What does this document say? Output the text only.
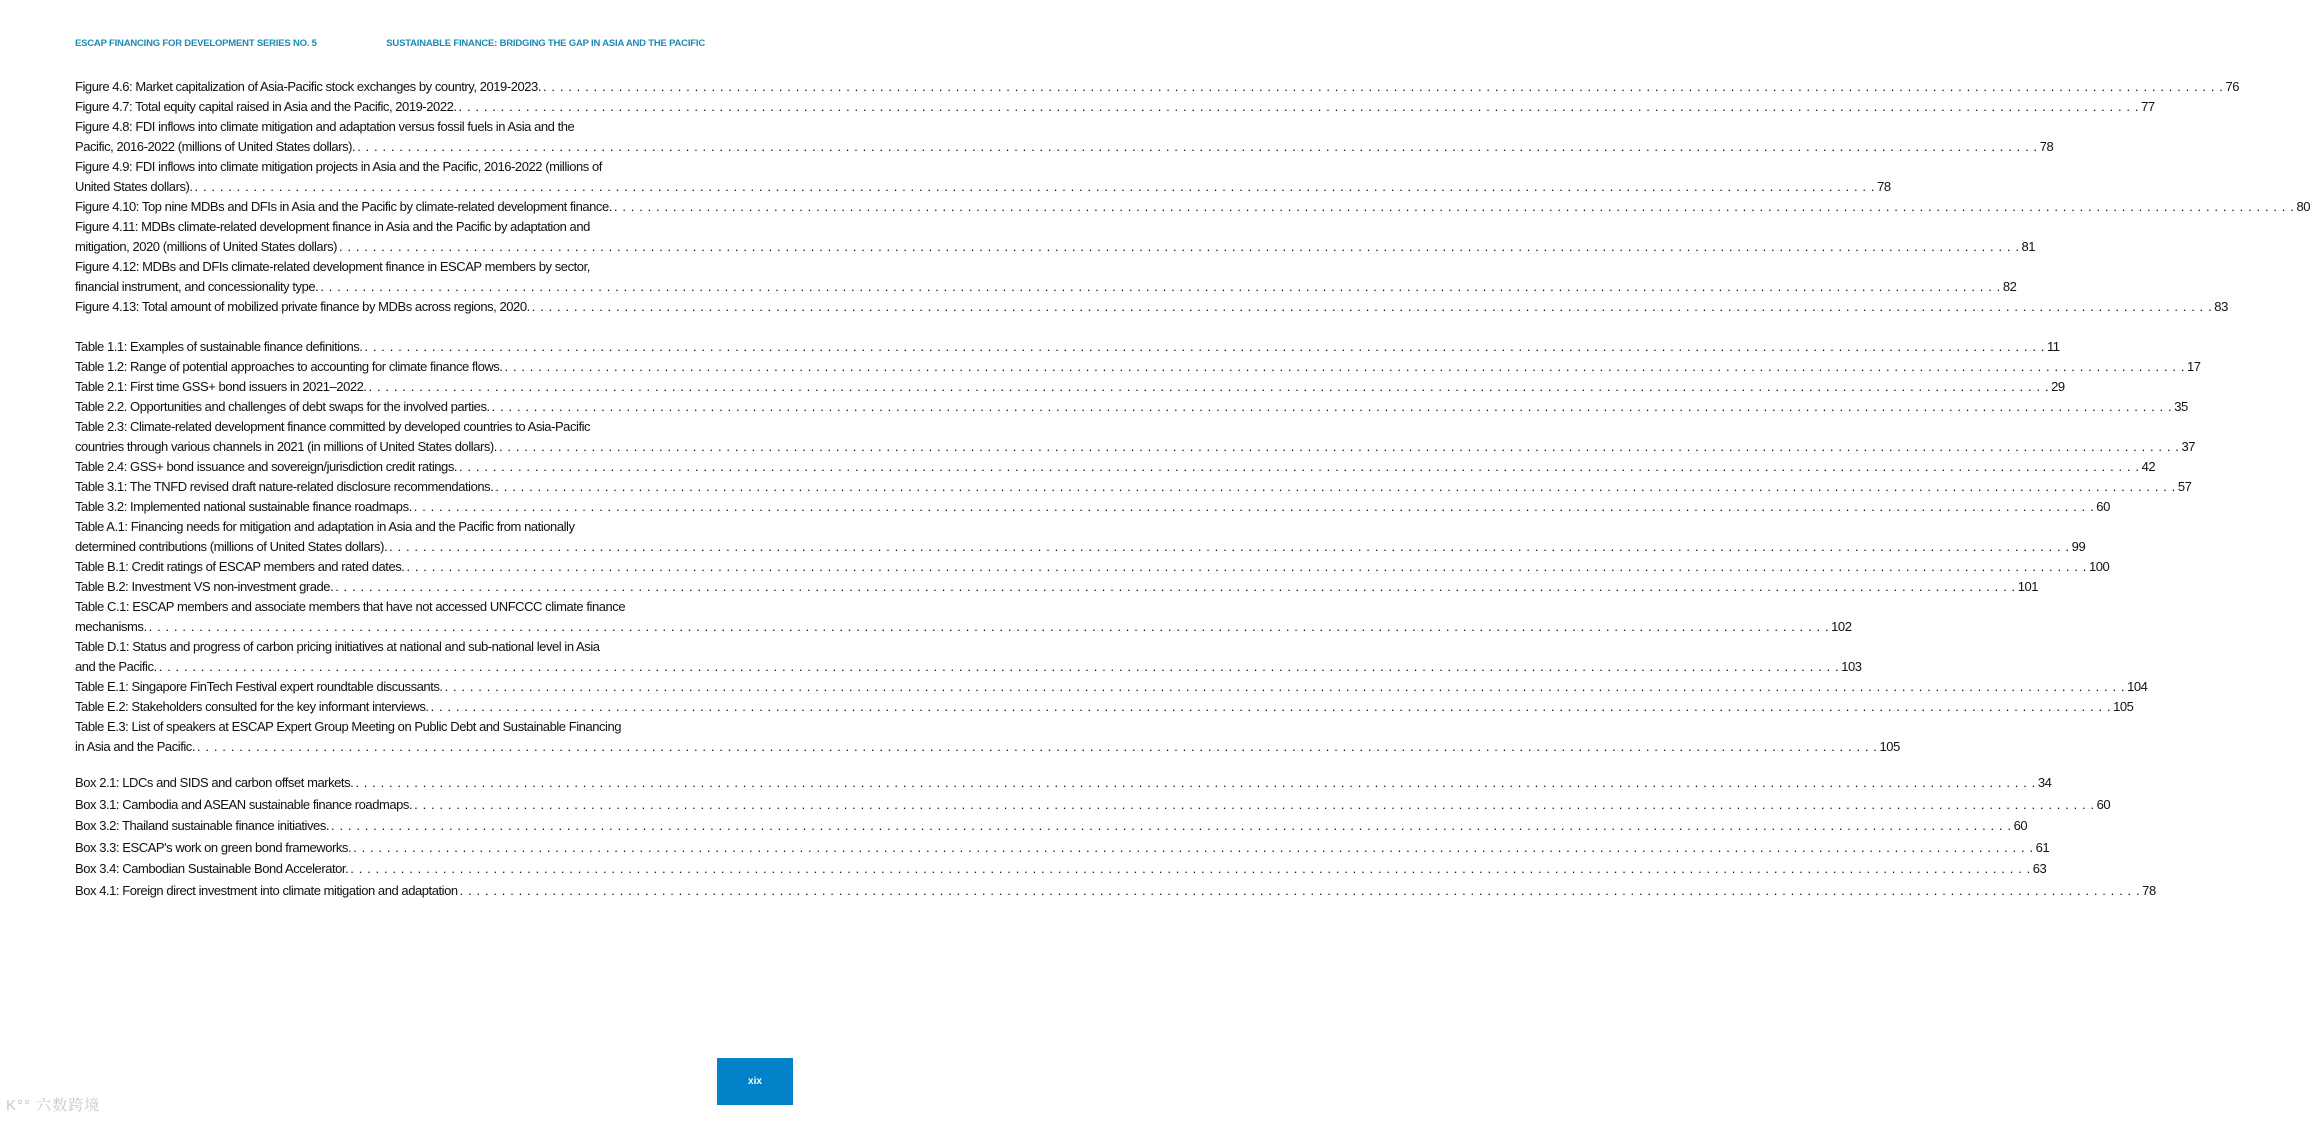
ESCAP FINANCING FOR DEVELOPMENT SERIES NO. 5	SUSTAINABLE FINANCE: BRIDGING THE GAP IN ASIA AND THE PACIFIC
Figure 4.6: Market capitalization of Asia-Pacific stock exchanges by country, 2019-2023. . . . . . . . . . . . . . . . . . . . . . . . . . . . . . . . . . . . . . . . . . . . . . . . . . . . . . . . . . . . . . . . . . . . . . . . . . . . . . . . . . . . . . . . . . . . . . . . . . . . . . . . . . . . . . . . . . . . . . . . . . . . . . . . . . . . . . . . . . . . . . . . . . . . . . . . . . . . . . . . . . . . . . . . . . . . . . . . . . . . . . . . . . . . . . . . . . . . . . . . . 76
Figure 4.7: Total equity capital raised in Asia and the Pacific, 2019-2022. . . . . . . . . . . . . . . . . . . . . . . . . . . . . . . . . . . . . . . . . . . . . . . . . . . . . . . . . . . . . . . . . . . . . . . . . . . . . . . . . . . . . . . . . . . . . . . . . . . . . . . . . . . . . . . . . . . . . . . . . . . . . . . . . . . . . . . . . . . . . . . . . . . . . . . . . . . . . . . . . . . . . . . . . . . . . . . . . . . . . . . . . . . . . . . . . . . . . . . . . 77
Figure 4.8: FDI inflows into climate mitigation and adaptation versus fossil fuels in Asia and the
Pacific, 2016-2022 (millions of United States dollars). . . . . . . . . . . . . . . . . . . . . . . . . . . . . . . . . . . . . . . . . . . . . . . . . . . . . . . . . . . . . . . . . . . . . . . . . . . . . . . . . . . . . . . . . . . . . . . . . . . . . . . . . . . . . . . . . . . . . . . . . . . . . . . . . . . . . . . . . . . . . . . . . . . . . . . . . . . . . . . . . . . . . . . . . . . . . . . . . . . . . . . . . . . . . . . . . . . . . . . . . 78
Figure 4.9: FDI inflows into climate mitigation projects in Asia and the Pacific, 2016-2022 (millions of
United States dollars). . . . . . . . . . . . . . . . . . . . . . . . . . . . . . . . . . . . . . . . . . . . . . . . . . . . . . . . . . . . . . . . . . . . . . . . . . . . . . . . . . . . . . . . . . . . . . . . . . . . . . . . . . . . . . . . . . . . . . . . . . . . . . . . . . . . . . . . . . . . . . . . . . . . . . . . . . . . . . . . . . . . . . . . . . . . . . . . . . . . . . . . . . . . . . . . . . . . . . . . . 78
Figure 4.10: Top nine MDBs and DFIs in Asia and the Pacific by climate-related development finance. . . . . . . . . . . . . . . . . . . . . . . . . . . . . . . . . . . . . . . . . . . . . . . . . . . . . . . . . . . . . . . . . . . . . . . . . . . . . . . . . . . . . . . . . . . . . . . . . . . . . . . . . . . . . . . . . . . . . . . . . . . . . . . . . . . . . . . . . . . . . . . . . . . . . . . . . . . . . . . . . . . . . . . . . . . . . . . . . . . . . . . . . . . . . . . . . . . . . . . . . 80
Figure 4.11: MDBs climate-related development finance in Asia and the Pacific by adaptation and
mitigation, 2020 (millions of United States dollars) . . . . . . . . . . . . . . . . . . . . . . . . . . . . . . . . . . . . . . . . . . . . . . . . . . . . . . . . . . . . . . . . . . . . . . . . . . . . . . . . . . . . . . . . . . . . . . . . . . . . . . . . . . . . . . . . . . . . . . . . . . . . . . . . . . . . . . . . . . . . . . . . . . . . . . . . . . . . . . . . . . . . . . . . . . . . . . . . . . . . . . . . . . . . . . . . . . . . . . . . 81
Figure 4.12: MDBs and DFIs climate-related development finance in ESCAP members by sector,
financial instrument, and concessionality type. . . . . . . . . . . . . . . . . . . . . . . . . . . . . . . . . . . . . . . . . . . . . . . . . . . . . . . . . . . . . . . . . . . . . . . . . . . . . . . . . . . . . . . . . . . . . . . . . . . . . . . . . . . . . . . . . . . . . . . . . . . . . . . . . . . . . . . . . . . . . . . . . . . . . . . . . . . . . . . . . . . . . . . . . . . . . . . . . . . . . . . . . . . . . . . . . . . . . . . . . 82
Figure 4.13: Total amount of mobilized private finance by MDBs across regions, 2020. . . . . . . . . . . . . . . . . . . . . . . . . . . . . . . . . . . . . . . . . . . . . . . . . . . . . . . . . . . . . . . . . . . . . . . . . . . . . . . . . . . . . . . . . . . . . . . . . . . . . . . . . . . . . . . . . . . . . . . . . . . . . . . . . . . . . . . . . . . . . . . . . . . . . . . . . . . . . . . . . . . . . . . . . . . . . . . . . . . . . . . . . . . . . . . . . . . . . . . . . 83
Table 1.1: Examples of sustainable finance definitions. . . . . . . . . . . . . . . . . . . . . . . . . . . . . . . . . . . . . . . . . . . . . . . . . . . . . . . . . . . . . . . . . . . . . . . . . . . . . . . . . . . . . . . . . . . . . . . . . . . . . . . . . . . . . . . . . . . . . . . . . . . . . . . . . . . . . . . . . . . . . . . . . . . . . . . . . . . . . . . . . . . . . . . . . . . . . . . . . . . . . . . . . . . . . . . . . . . . . . . . . 11
Table 1.2: Range of potential approaches to accounting for climate finance flows. . . . . . . . . . . . . . . . . . . . . . . . . . . . . . . . . . . . . . . . . . . . . . . . . . . . . . . . . . . . . . . . . . . . . . . . . . . . . . . . . . . . . . . . . . . . . . . . . . . . . . . . . . . . . . . . . . . . . . . . . . . . . . . . . . . . . . . . . . . . . . . . . . . . . . . . . . . . . . . . . . . . . . . . . . . . . . . . . . . . . . . . . . . . . . . . . . . . . . . . . 17
Table 2.1: First time GSS+ bond issuers in 2021–2022. . . . . . . . . . . . . . . . . . . . . . . . . . . . . . . . . . . . . . . . . . . . . . . . . . . . . . . . . . . . . . . . . . . . . . . . . . . . . . . . . . . . . . . . . . . . . . . . . . . . . . . . . . . . . . . . . . . . . . . . . . . . . . . . . . . . . . . . . . . . . . . . . . . . . . . . . . . . . . . . . . . . . . . . . . . . . . . . . . . . . . . . . . . . . . . . . . . . . . . . . 29
Table 2.2. Opportunities and challenges of debt swaps for the involved parties. . . . . . . . . . . . . . . . . . . . . . . . . . . . . . . . . . . . . . . . . . . . . . . . . . . . . . . . . . . . . . . . . . . . . . . . . . . . . . . . . . . . . . . . . . . . . . . . . . . . . . . . . . . . . . . . . . . . . . . . . . . . . . . . . . . . . . . . . . . . . . . . . . . . . . . . . . . . . . . . . . . . . . . . . . . . . . . . . . . . . . . . . . . . . . . . . . . . . . . . . 35
Table 2.3: Climate-related development finance committed by developed countries to Asia-Pacific
countries through various channels in 2021 (in millions of United States dollars). . . . . . . . . . . . . . . . . . . . . . . . . . . . . . . . . . . . . . . . . . . . . . . . . . . . . . . . . . . . . . . . . . . . . . . . . . . . . . . . . . . . . . . . . . . . . . . . . . . . . . . . . . . . . . . . . . . . . . . . . . . . . . . . . . . . . . . . . . . . . . . . . . . . . . . . . . . . . . . . . . . . . . . . . . . . . . . . . . . . . . . . . . . . . . . . . . . . . . . . . 37
Table 2.4: GSS+ bond issuance and sovereign/jurisdiction credit ratings. . . . . . . . . . . . . . . . . . . . . . . . . . . . . . . . . . . . . . . . . . . . . . . . . . . . . . . . . . . . . . . . . . . . . . . . . . . . . . . . . . . . . . . . . . . . . . . . . . . . . . . . . . . . . . . . . . . . . . . . . . . . . . . . . . . . . . . . . . . . . . . . . . . . . . . . . . . . . . . . . . . . . . . . . . . . . . . . . . . . . . . . . . . . . . . . . . . . . . . . . 42
Table 3.1: The TNFD revised draft nature-related disclosure recommendations. . . . . . . . . . . . . . . . . . . . . . . . . . . . . . . . . . . . . . . . . . . . . . . . . . . . . . . . . . . . . . . . . . . . . . . . . . . . . . . . . . . . . . . . . . . . . . . . . . . . . . . . . . . . . . . . . . . . . . . . . . . . . . . . . . . . . . . . . . . . . . . . . . . . . . . . . . . . . . . . . . . . . . . . . . . . . . . . . . . . . . . . . . . . . . . . . . . . . . . . . 57
Table 3.2: Implemented national sustainable finance roadmaps. . . . . . . . . . . . . . . . . . . . . . . . . . . . . . . . . . . . . . . . . . . . . . . . . . . . . . . . . . . . . . . . . . . . . . . . . . . . . . . . . . . . . . . . . . . . . . . . . . . . . . . . . . . . . . . . . . . . . . . . . . . . . . . . . . . . . . . . . . . . . . . . . . . . . . . . . . . . . . . . . . . . . . . . . . . . . . . . . . . . . . . . . . . . . . . . . . . . . . . . . 60
Table A.1: Financing needs for mitigation and adaptation in Asia and the Pacific from nationally
determined contributions (millions of United States dollars). . . . . . . . . . . . . . . . . . . . . . . . . . . . . . . . . . . . . . . . . . . . . . . . . . . . . . . . . . . . . . . . . . . . . . . . . . . . . . . . . . . . . . . . . . . . . . . . . . . . . . . . . . . . . . . . . . . . . . . . . . . . . . . . . . . . . . . . . . . . . . . . . . . . . . . . . . . . . . . . . . . . . . . . . . . . . . . . . . . . . . . . . . . . . . . . . . . . . . . . . 99
Table B.1: Credit ratings of ESCAP members and rated dates. . . . . . . . . . . . . . . . . . . . . . . . . . . . . . . . . . . . . . . . . . . . . . . . . . . . . . . . . . . . . . . . . . . . . . . . . . . . . . . . . . . . . . . . . . . . . . . . . . . . . . . . . . . . . . . . . . . . . . . . . . . . . . . . . . . . . . . . . . . . . . . . . . . . . . . . . . . . . . . . . . . . . . . . . . . . . . . . . . . . . . . . . . . . . . . . . . . . . . . . . 100
Table B.2: Investment VS non-investment grade. . . . . . . . . . . . . . . . . . . . . . . . . . . . . . . . . . . . . . . . . . . . . . . . . . . . . . . . . . . . . . . . . . . . . . . . . . . . . . . . . . . . . . . . . . . . . . . . . . . . . . . . . . . . . . . . . . . . . . . . . . . . . . . . . . . . . . . . . . . . . . . . . . . . . . . . . . . . . . . . . . . . . . . . . . . . . . . . . . . . . . . . . . . . . . . . . . . . . . . . . 101
Table C.1: ESCAP members and associate members that have not accessed UNFCCC climate finance
mechanisms. . . . . . . . . . . . . . . . . . . . . . . . . . . . . . . . . . . . . . . . . . . . . . . . . . . . . . . . . . . . . . . . . . . . . . . . . . . . . . . . . . . . . . . . . . . . . . . . . . . . . . . . . . . . . . . . . . . . . . . . . . . . . . . . . . . . . . . . . . . . . . . . . . . . . . . . . . . . . . . . . . . . . . . . . . . . . . . . . . . . . . . . . . . . . . . . . . . . . . . . . 102
Table D.1: Status and progress of carbon pricing initiatives at national and sub-national level in Asia
and the Pacific. . . . . . . . . . . . . . . . . . . . . . . . . . . . . . . . . . . . . . . . . . . . . . . . . . . . . . . . . . . . . . . . . . . . . . . . . . . . . . . . . . . . . . . . . . . . . . . . . . . . . . . . . . . . . . . . . . . . . . . . . . . . . . . . . . . . . . . . . . . . . . . . . . . . . . . . . . . . . . . . . . . . . . . . . . . . . . . . . . . . . . . . . . . . . . . . . . . . . . . . . 103
Table E.1: Singapore FinTech Festival expert roundtable discussants. . . . . . . . . . . . . . . . . . . . . . . . . . . . . . . . . . . . . . . . . . . . . . . . . . . . . . . . . . . . . . . . . . . . . . . . . . . . . . . . . . . . . . . . . . . . . . . . . . . . . . . . . . . . . . . . . . . . . . . . . . . . . . . . . . . . . . . . . . . . . . . . . . . . . . . . . . . . . . . . . . . . . . . . . . . . . . . . . . . . . . . . . . . . . . . . . . . . . . . . . 104
Table E.2: Stakeholders consulted for the key informant interviews. . . . . . . . . . . . . . . . . . . . . . . . . . . . . . . . . . . . . . . . . . . . . . . . . . . . . . . . . . . . . . . . . . . . . . . . . . . . . . . . . . . . . . . . . . . . . . . . . . . . . . . . . . . . . . . . . . . . . . . . . . . . . . . . . . . . . . . . . . . . . . . . . . . . . . . . . . . . . . . . . . . . . . . . . . . . . . . . . . . . . . . . . . . . . . . . . . . . . . . . . 105
Table E.3: List of speakers at ESCAP Expert Group Meeting on Public Debt and Sustainable Financing
in Asia and the Pacific. . . . . . . . . . . . . . . . . . . . . . . . . . . . . . . . . . . . . . . . . . . . . . . . . . . . . . . . . . . . . . . . . . . . . . . . . . . . . . . . . . . . . . . . . . . . . . . . . . . . . . . . . . . . . . . . . . . . . . . . . . . . . . . . . . . . . . . . . . . . . . . . . . . . . . . . . . . . . . . . . . . . . . . . . . . . . . . . . . . . . . . . . . . . . . . . . . . . . . . . . 105
Box 2.1: LDCs and SIDS and carbon offset markets. . . . . . . . . . . . . . . . . . . . . . . . . . . . . . . . . . . . . . . . . . . . . . . . . . . . . . . . . . . . . . . . . . . . . . . . . . . . . . . . . . . . . . . . . . . . . . . . . . . . . . . . . . . . . . . . . . . . . . . . . . . . . . . . . . . . . . . . . . . . . . . . . . . . . . . . . . . . . . . . . . . . . . . . . . . . . . . . . . . . . . . . . . . . . . . . . . . . . . . . . 34
Box 3.1: Cambodia and ASEAN sustainable finance roadmaps. . . . . . . . . . . . . . . . . . . . . . . . . . . . . . . . . . . . . . . . . . . . . . . . . . . . . . . . . . . . . . . . . . . . . . . . . . . . . . . . . . . . . . . . . . . . . . . . . . . . . . . . . . . . . . . . . . . . . . . . . . . . . . . . . . . . . . . . . . . . . . . . . . . . . . . . . . . . . . . . . . . . . . . . . . . . . . . . . . . . . . . . . . . . . . . . . . . . . . . . . 60
Box 3.2: Thailand sustainable finance initiatives. . . . . . . . . . . . . . . . . . . . . . . . . . . . . . . . . . . . . . . . . . . . . . . . . . . . . . . . . . . . . . . . . . . . . . . . . . . . . . . . . . . . . . . . . . . . . . . . . . . . . . . . . . . . . . . . . . . . . . . . . . . . . . . . . . . . . . . . . . . . . . . . . . . . . . . . . . . . . . . . . . . . . . . . . . . . . . . . . . . . . . . . . . . . . . . . . . . . . . . . . 60
Box 3.3: ESCAP's work on green bond frameworks. . . . . . . . . . . . . . . . . . . . . . . . . . . . . . . . . . . . . . . . . . . . . . . . . . . . . . . . . . . . . . . . . . . . . . . . . . . . . . . . . . . . . . . . . . . . . . . . . . . . . . . . . . . . . . . . . . . . . . . . . . . . . . . . . . . . . . . . . . . . . . . . . . . . . . . . . . . . . . . . . . . . . . . . . . . . . . . . . . . . . . . . . . . . . . . . . . . . . . . . . 61
Box 3.4: Cambodian Sustainable Bond Accelerator. . . . . . . . . . . . . . . . . . . . . . . . . . . . . . . . . . . . . . . . . . . . . . . . . . . . . . . . . . . . . . . . . . . . . . . . . . . . . . . . . . . . . . . . . . . . . . . . . . . . . . . . . . . . . . . . . . . . . . . . . . . . . . . . . . . . . . . . . . . . . . . . . . . . . . . . . . . . . . . . . . . . . . . . . . . . . . . . . . . . . . . . . . . . . . . . . . . . . . . . . 63
Box 4.1: Foreign direct investment into climate mitigation and adaptation . . . . . . . . . . . . . . . . . . . . . . . . . . . . . . . . . . . . . . . . . . . . . . . . . . . . . . . . . . . . . . . . . . . . . . . . . . . . . . . . . . . . . . . . . . . . . . . . . . . . . . . . . . . . . . . . . . . . . . . . . . . . . . . . . . . . . . . . . . . . . . . . . . . . . . . . . . . . . . . . . . . . . . . . . . . . . . . . . . . . . . . . . . . . . . . . . . . . . . . . 78
xix
K°° 六数跨境
